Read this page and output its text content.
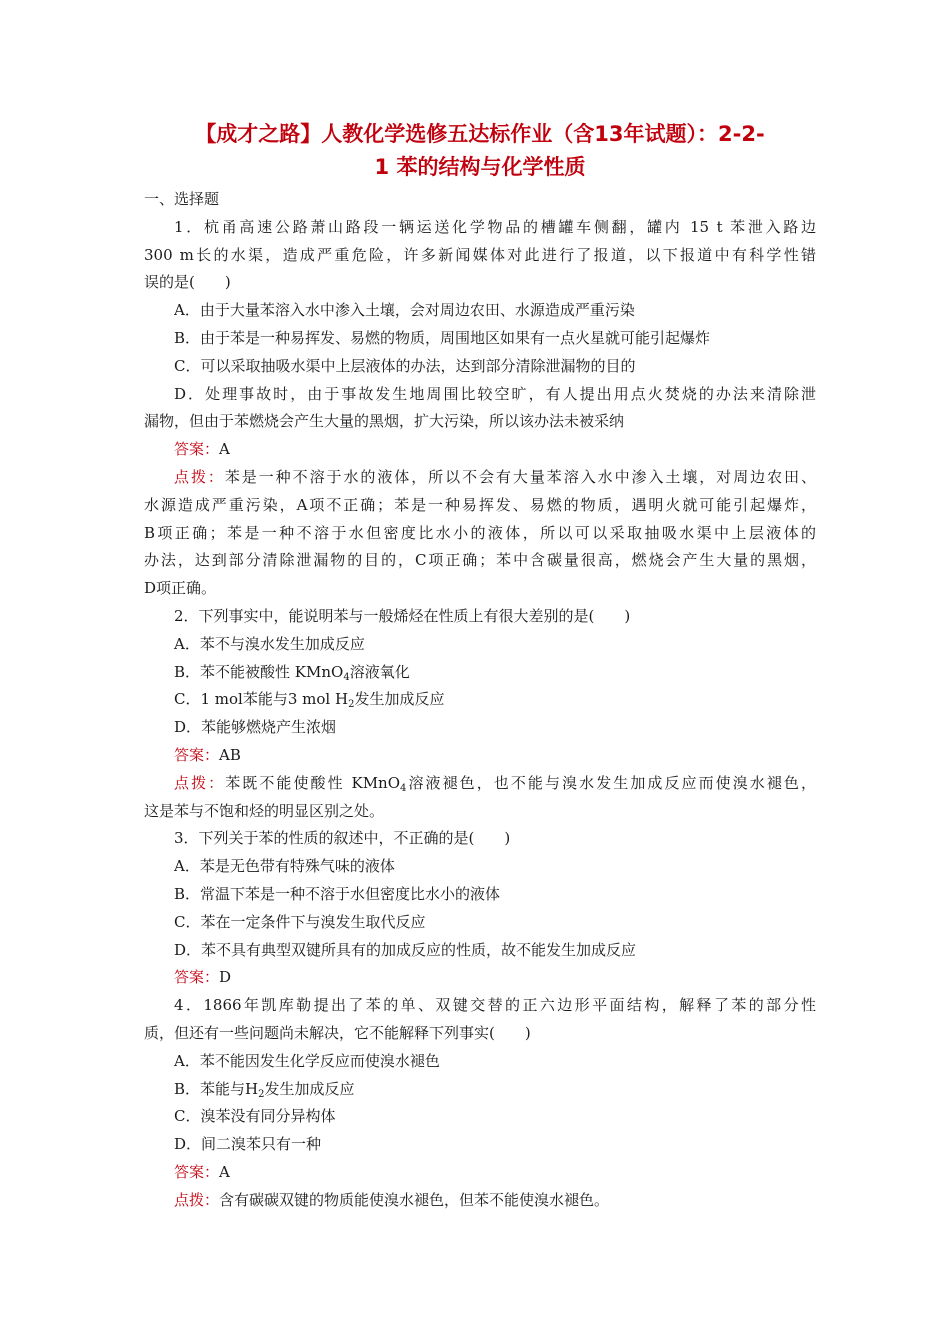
【成才之路】人教化学选修五达标作业（含13年试题）：2-2-
1 苯的结构与化学性质
一、选择题
1．杭甬高速公路萧山路段一辆运送化学物品的槽罐车侧翻，罐内 15 t 苯泄入路边
300 m长的水渠，造成严重危险，许多新闻媒体对此进行了报道，以下报道中有科学性错
误的是(　　)
A．由于大量苯溶入水中渗入土壤，会对周边农田、水源造成严重污染
B．由于苯是一种易挥发、易燃的物质，周围地区如果有一点火星就可能引起爆炸
C．可以采取抽吸水渠中上层液体的办法，达到部分清除泄漏物的目的
D．处理事故时，由于事故发生地周围比较空旷，有人提出用点火焚烧的办法来清除泄
漏物，但由于苯燃烧会产生大量的黑烟，扩大污染，所以该办法未被采纳
答案：A
点拨：苯是一种不溶于水的液体，所以不会有大量苯溶入水中渗入土壤，对周边农田、
水源造成严重污染，A项不正确；苯是一种易挥发、易燃的物质，遇明火就可能引起爆炸，
B项正确；苯是一种不溶于水但密度比水小的液体，所以可以采取抽吸水渠中上层液体的
办法，达到部分清除泄漏物的目的，C项正确；苯中含碳量很高，燃烧会产生大量的黑烟，
D项正确。
2．下列事实中，能说明苯与一般烯烃在性质上有很大差别的是(　　)
A．苯不与溴水发生加成反应
B．苯不能被酸性 KMnO$_4$溶液氧化
C．1 mol苯能与3 mol $H_2$发生加成反应
D．苯能够燃烧产生浓烟
答案：AB
点拨：苯既不能使酸性 KMnO$_4$溶液褪色，也不能与溴水发生加成反应而使溴水褪色，
这是苯与不饱和烃的明显区别之处。
3．下列关于苯的性质的叙述中，不正确的是(　　)
A．苯是无色带有特殊气味的液体
B．常温下苯是一种不溶于水但密度比水小的液体
C．苯在一定条件下与溴发生取代反应
D．苯不具有典型双键所具有的加成反应的性质，故不能发生加成反应
答案：D
4．1866年凯库勒提出了苯的单、双键交替的正六边形平面结构，解释了苯的部分性
质，但还有一些问题尚未解决，它不能解释下列事实(　　)
A．苯不能因发生化学反应而使溴水褪色
B．苯能与$H_2$发生加成反应
C．溴苯没有同分异构体
D．间二溴苯只有一种
答案：A
点拨：含有碳碳双键的物质能使溴水褪色，但苯不能使溴水褪色。
